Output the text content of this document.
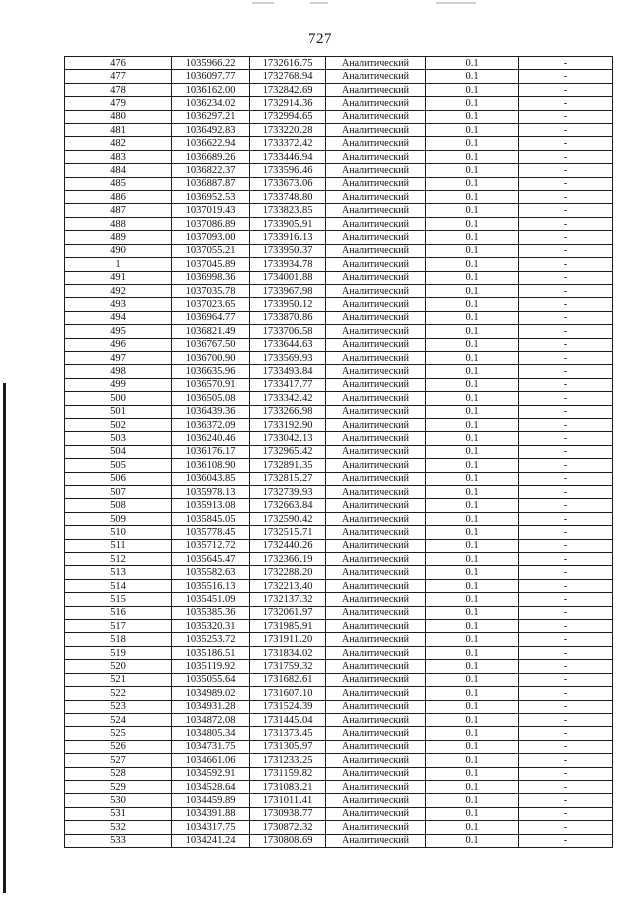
727
476	1035966.22	1732616.75	Аналитический	0.1	-
477	1036097.77	1732768.94	Аналитический	0.1	-
478	1036162.00	1732842.69	Аналитический	0.1	-
479	1036234.02	1732914.36	Аналитический	0.1	-
480	1036297.21	1732994.65	Аналитический	0.1	-
481	1036492.83	1733220.28	Аналитический	0.1	-
482	1036622.94	1733372.42	Аналитический	0.1	-
483	1036689.26	1733446.94	Аналитический	0.1	-
484	1036822.37	1733596.46	Аналитический	0.1	-
485	1036887.87	1733673.06	Аналитический	0.1	-
486	1036952.53	1733748.80	Аналитический	0.1	-
487	1037019.43	1733823.85	Аналитический	0.1	-
488	1037086.89	1733905.91	Аналитический	0.1	-
489	1037093.00	1733916.13	Аналитический	0.1	-
490	1037055.21	1733950.37	Аналитический	0.1	-
1	1037045.89	1733934.78	Аналитический	0.1	-
491	1036998.36	1734001.88	Аналитический	0.1	-
492	1037035.78	1733967.98	Аналитический	0.1	-
493	1037023.65	1733950.12	Аналитический	0.1	-
494	1036964.77	1733870.86	Аналитический	0.1	-
495	1036821.49	1733706.58	Аналитический	0.1	-
496	1036767.50	1733644.63	Аналитический	0.1	-
497	1036700.90	1733569.93	Аналитический	0.1	-
498	1036635.96	1733493.84	Аналитический	0.1	-
499	1036570.91	1733417.77	Аналитический	0.1	-
500	1036505.08	1733342.42	Аналитический	0.1	-
501	1036439.36	1733266.98	Аналитический	0.1	-
502	1036372.09	1733192.90	Аналитический	0.1	-
503	1036240.46	1733042.13	Аналитический	0.1	-
504	1036176.17	1732965.42	Аналитический	0.1	-
505	1036108.90	1732891.35	Аналитический	0.1	-
506	1036043.85	1732815.27	Аналитический	0.1	-
507	1035978.13	1732739.93	Аналитический	0.1	-
508	1035913.08	1732663.84	Аналитический	0.1	-
509	1035845.05	1732590.42	Аналитический	0.1	-
510	1035778.45	1732515.71	Аналитический	0.1	-
511	1035712.72	1732440.26	Аналитический	0.1	-
512	1035645.47	1732366.19	Аналитический	0.1	-
513	1035582.63	1732288.20	Аналитический	0.1	-
514	1035516.13	1732213.40	Аналитический	0.1	-
515	1035451.09	1732137.32	Аналитический	0.1	-
516	1035385.36	1732061.97	Аналитический	0.1	-
517	1035320.31	1731985.91	Аналитический	0.1	-
518	1035253.72	1731911.20	Аналитический	0.1	-
519	1035186.51	1731834.02	Аналитический	0.1	-
520	1035119.92	1731759.32	Аналитический	0.1	-
521	1035055.64	1731682.61	Аналитический	0.1	-
522	1034989.02	1731607.10	Аналитический	0.1	-
523	1034931.28	1731524.39	Аналитический	0.1	-
524	1034872.08	1731445.04	Аналитический	0.1	-
525	1034805.34	1731373.45	Аналитический	0.1	-
526	1034731.75	1731305.97	Аналитический	0.1	-
527	1034661.06	1731233.25	Аналитический	0.1	-
528	1034592.91	1731159.82	Аналитический	0.1	-
529	1034528.64	1731083.21	Аналитический	0.1	-
530	1034459.89	1731011.41	Аналитический	0.1	-
531	1034391.88	1730938.77	Аналитический	0.1	-
532	1034317.75	1730872.32	Аналитический	0.1	-
533	1034241.24	1730808.69	Аналитический	0.1	-
